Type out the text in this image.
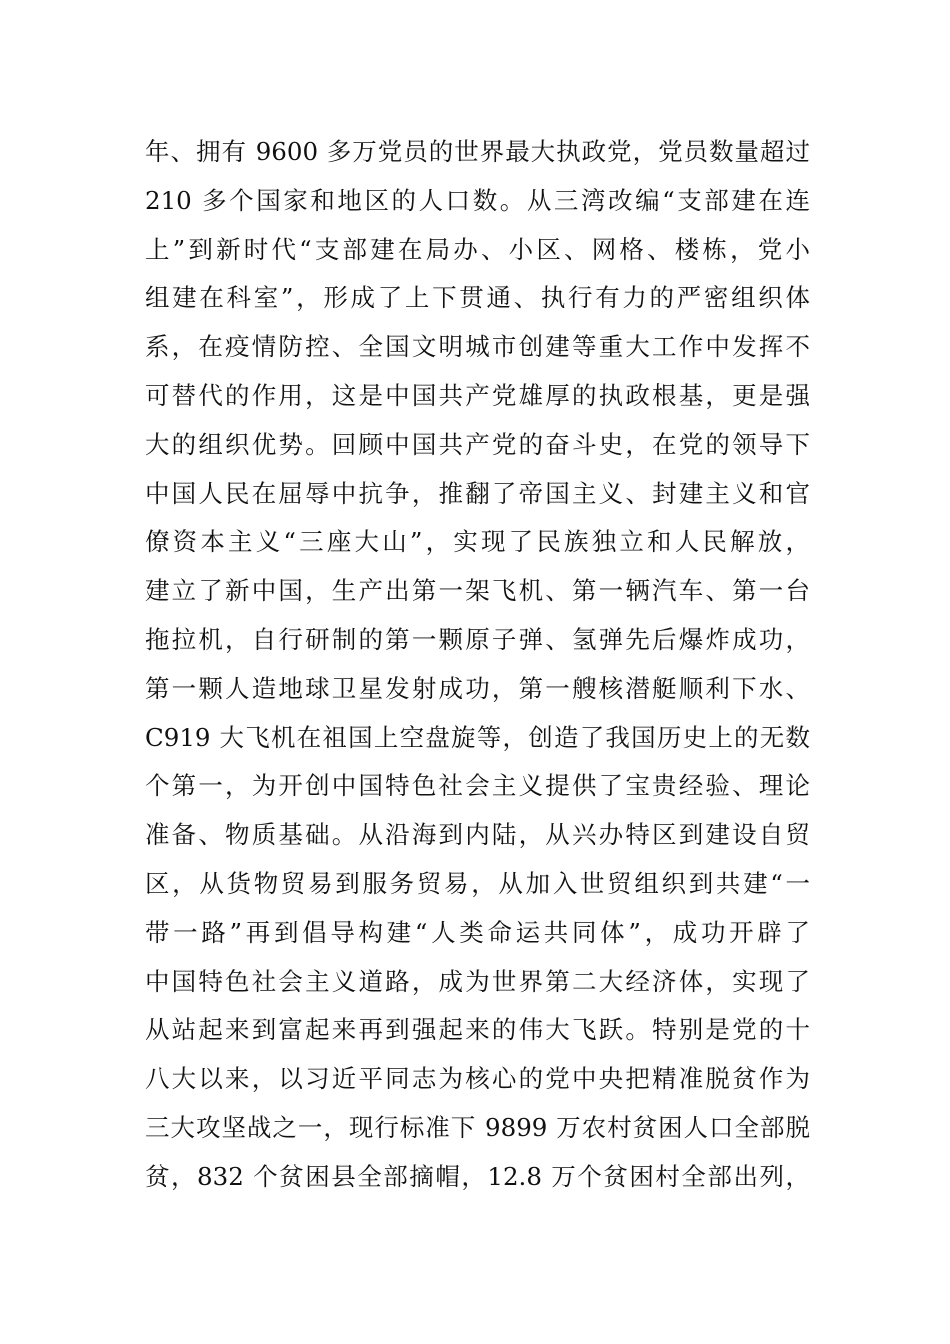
年、拥有 9600 多万党员的世界最大执政党，党员数量超过
210 多个国家和地区的人口数。从三湾改编“支部建在连
上”到新时代“支部建在局办、小区、网格、楼栋，党小
组建在科室”，形成了上下贯通、执行有力的严密组织体
系，在疫情防控、全国文明城市创建等重大工作中发挥不
可替代的作用，这是中国共产党雄厚的执政根基，更是强
大的组织优势。回顾中国共产党的奋斗史，在党的领导下
中国人民在屈辱中抗争，推翻了帝国主义、封建主义和官
僚资本主义“三座大山”，实现了民族独立和人民解放，
建立了新中国，生产出第一架飞机、第一辆汽车、第一台
拖拉机，自行研制的第一颗原子弹、氢弹先后爆炸成功，
第一颗人造地球卫星发射成功，第一艘核潜艇顺利下水、
C919 大飞机在祖国上空盘旋等，创造了我国历史上的无数
个第一，为开创中国特色社会主义提供了宝贵经验、理论
准备、物质基础。从沿海到内陆，从兴办特区到建设自贸
区，从货物贸易到服务贸易，从加入世贸组织到共建“一
带一路”再到倡导构建“人类命运共同体”，成功开辟了
中国特色社会主义道路，成为世界第二大经济体，实现了
从站起来到富起来再到强起来的伟大飞跃。特别是党的十
八大以来，以习近平同志为核心的党中央把精准脱贫作为
三大攻坚战之一，现行标准下 9899 万农村贫困人口全部脱
贫，832 个贫困县全部摘帽，12.8 万个贫困村全部出列，
